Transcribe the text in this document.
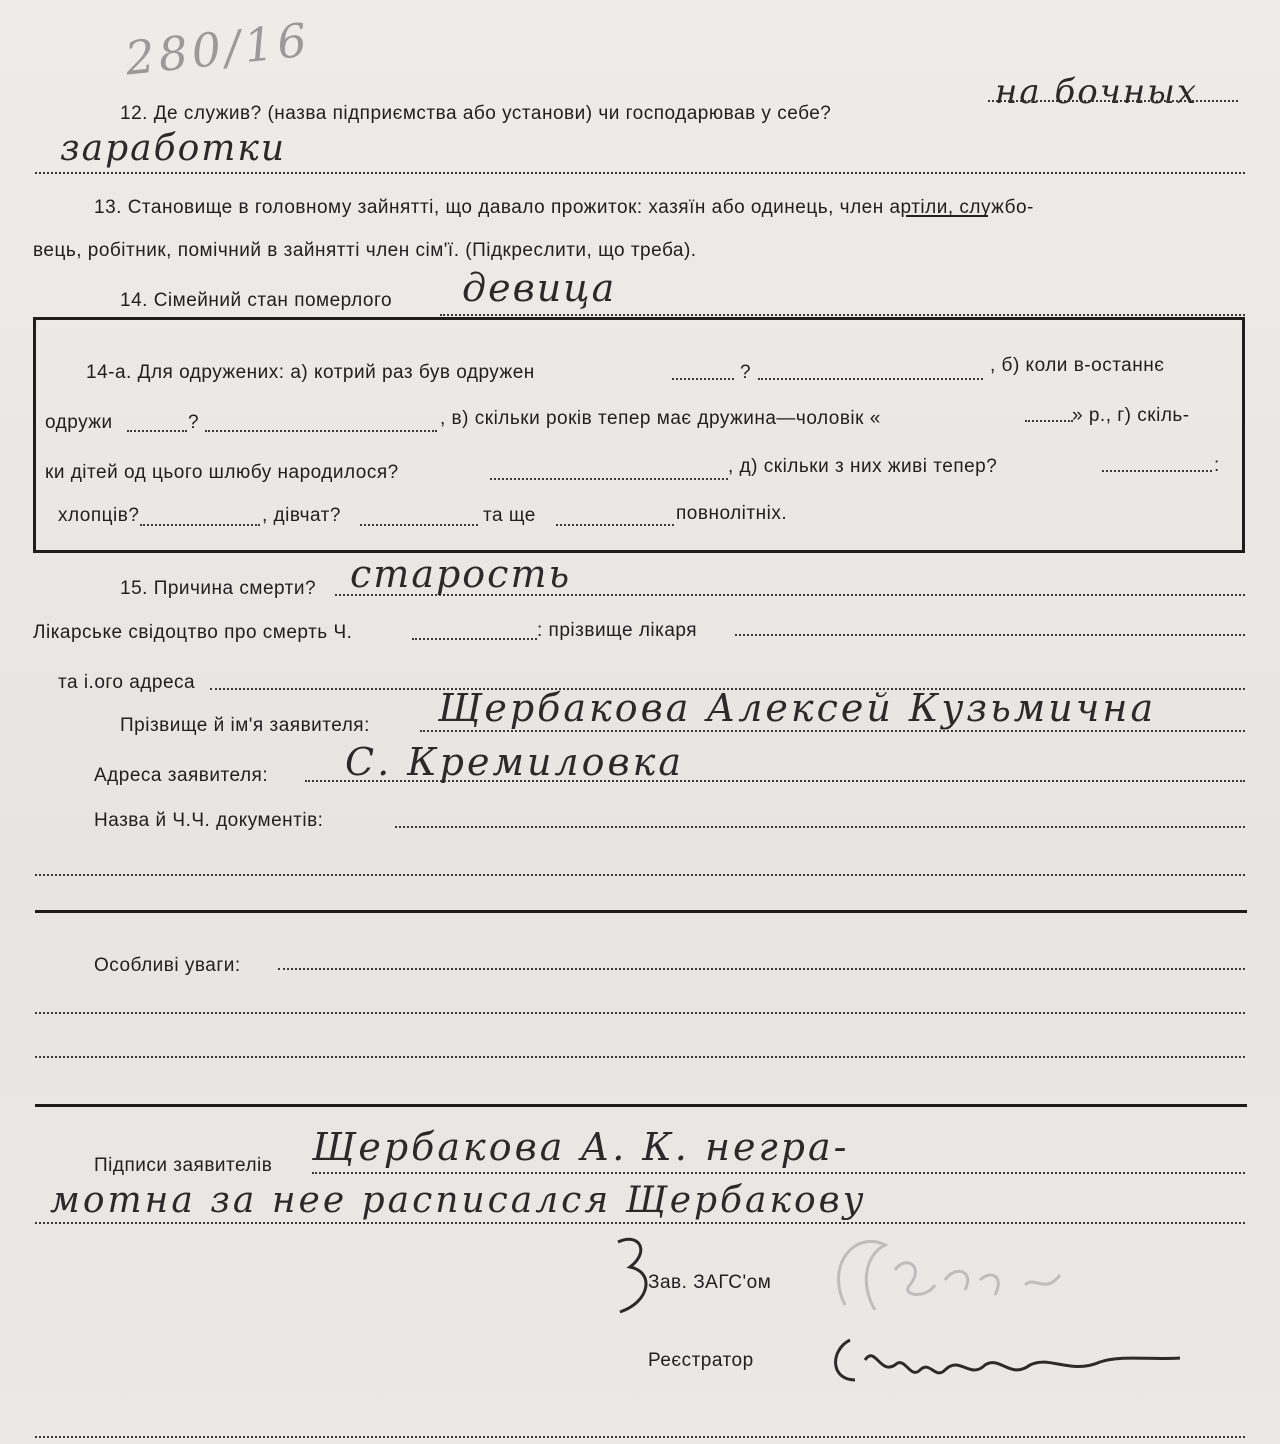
280/16
12. Де служив? (назва підприємства або установи) чи господарював у себе?
на бочных
заработки
13. Становище в головному зайнятті, що давало прожиток: хазяїн або одинець, член артіли, службо-
вець, робітник, помічний в зайнятті член сім'ї. (Підкреслити, що треба).
14. Сімейний стан померлого девица
14-а. Для одружених: а) котрий раз був одружен	?	, б) коли в-останнє
одружи	?	, в) скільки років тепер має дружина—чоловік «	» р., г) скіль-
ки дітей од цього шлюбу народилося?	, д) скільки з них живі тепер?	:
хлопців?	, дівчат?	та ще	повнолітніх.
15. Причина смерти? старость
Лікарське свідоцтво про смерть Ч.	: прізвище лікаря
та і.ого адреса
Прізвище й ім'я заявителя: Щербакова Алексей Кузьмична
Адреса заявителя: С. Кремиловка
Назва й Ч.Ч. документів:
Особливі уваги:
Підписи заявителів Щербакова А. К. негра-
мотна за нее расписался Щербакову
Зав. ЗАГС'ом
Реєстратор
